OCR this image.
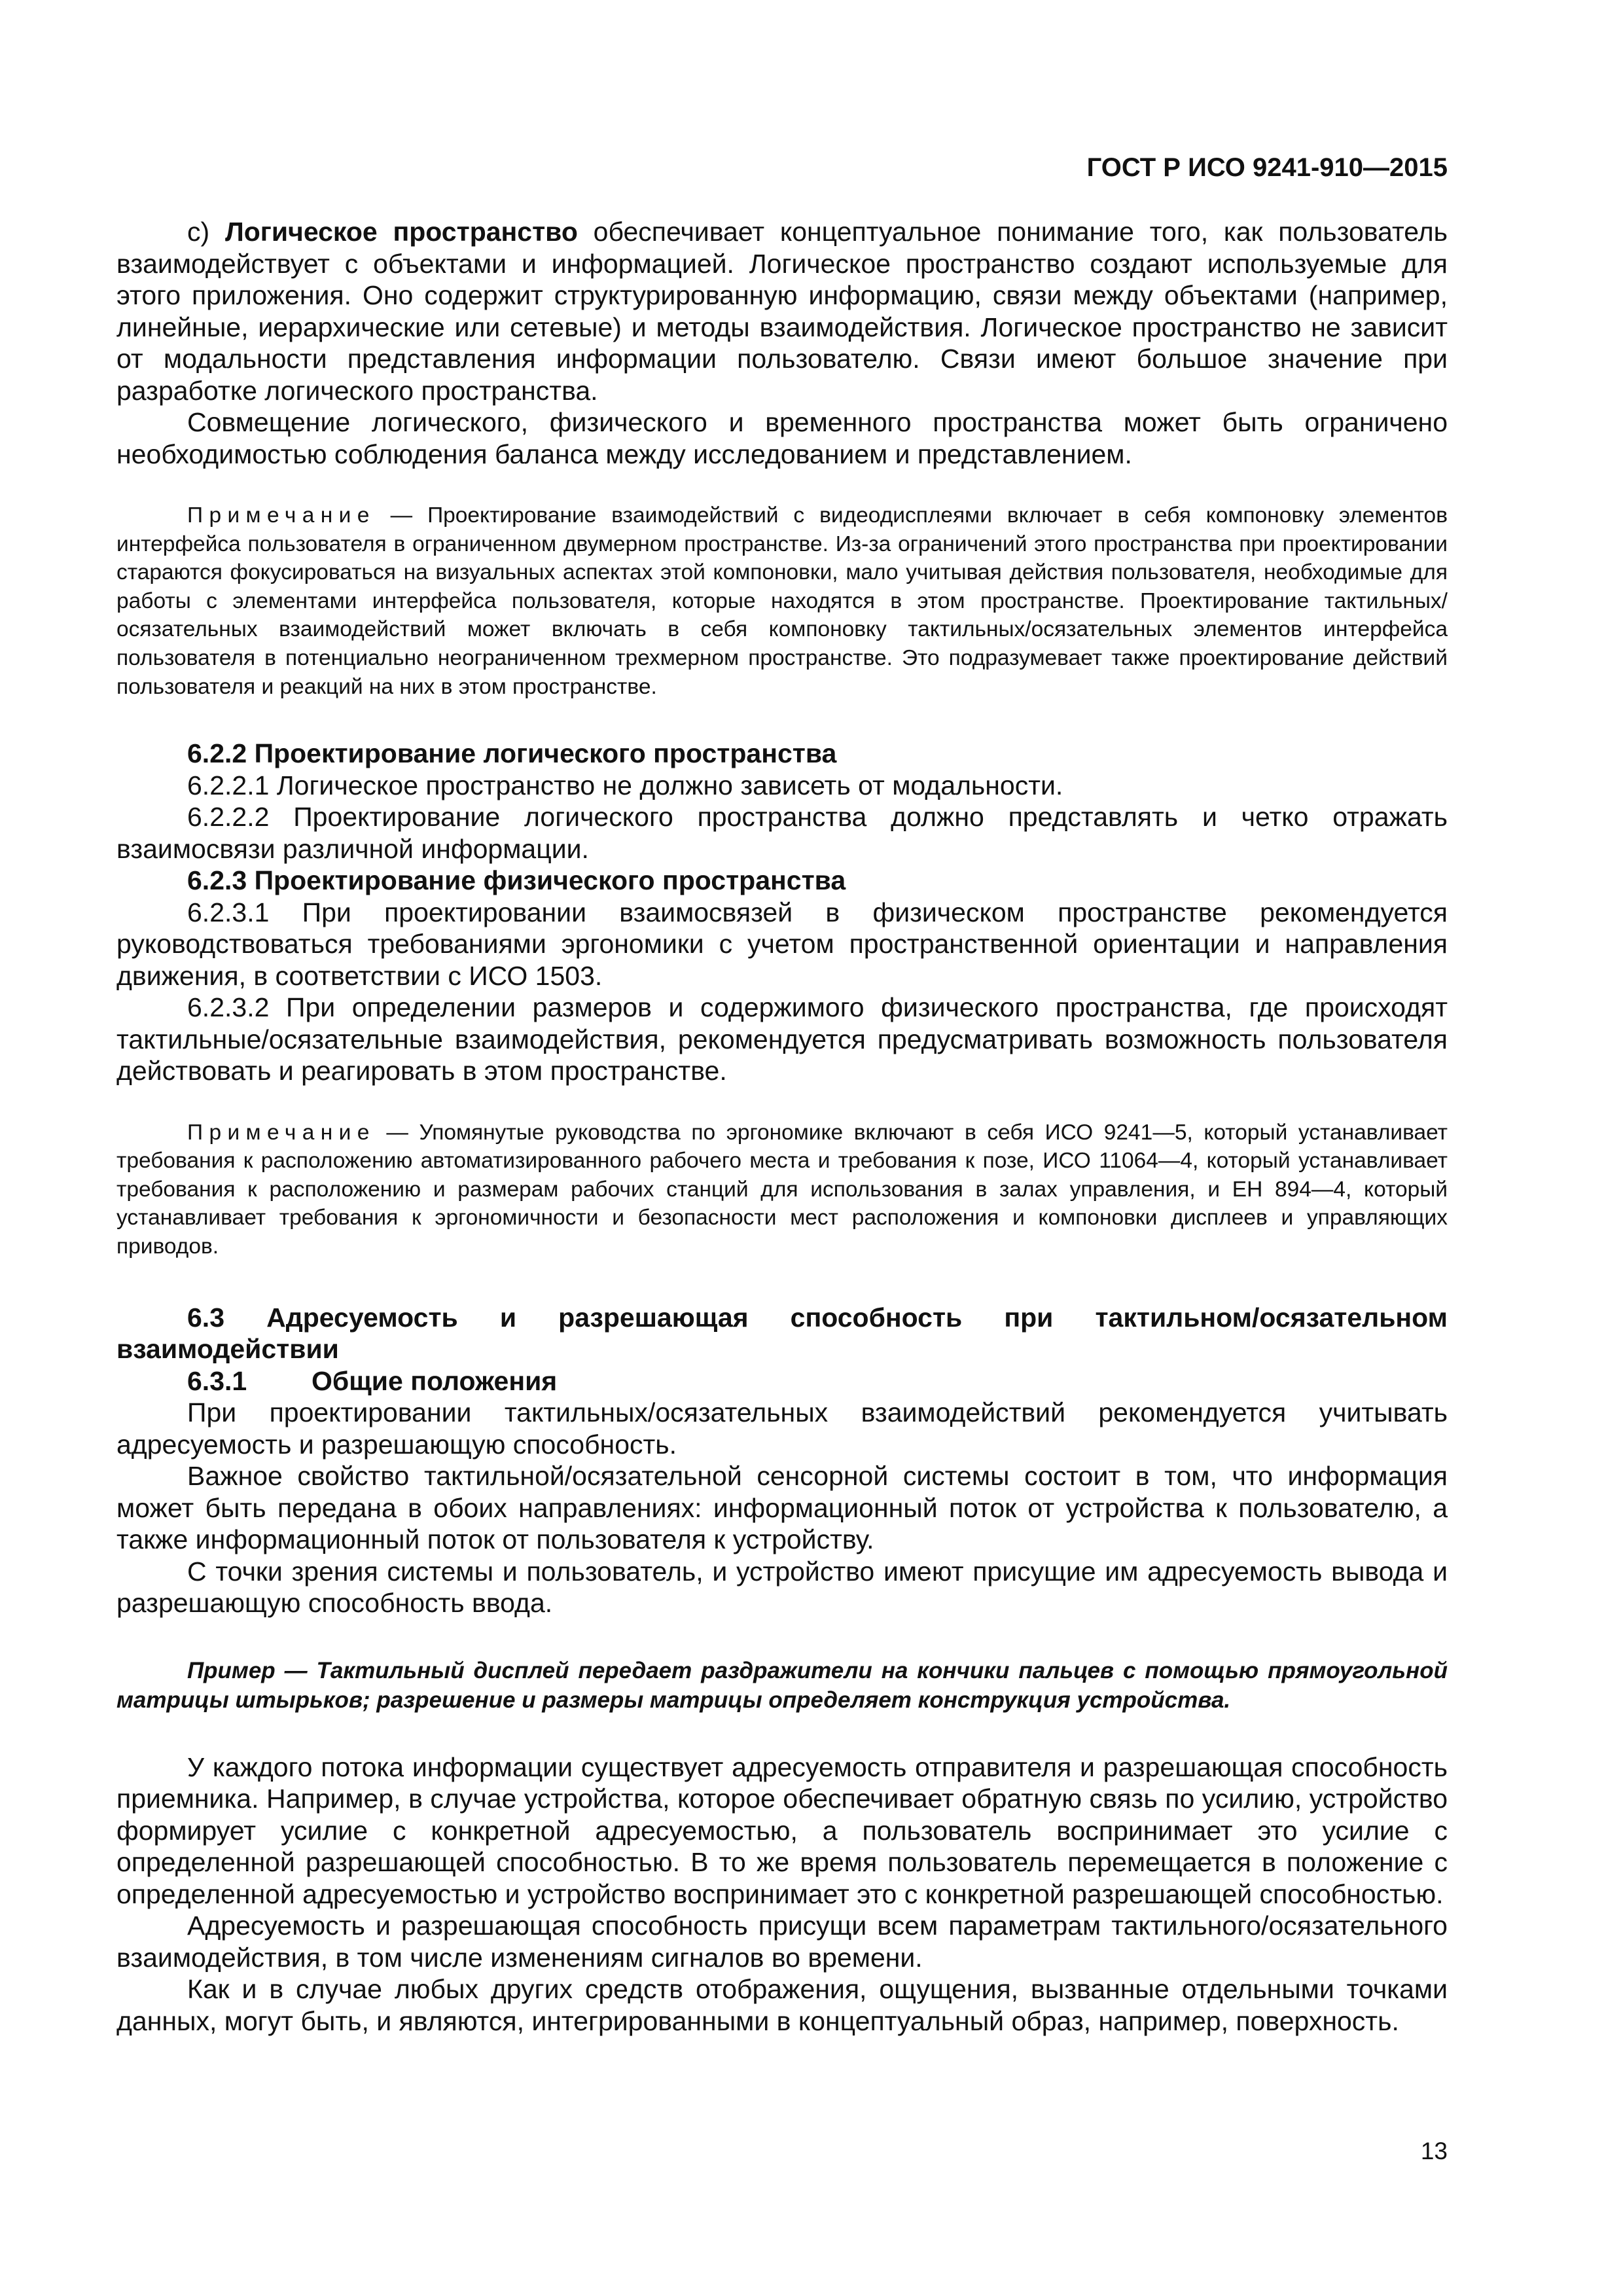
ГОСТ Р ИСО 9241-910—2015

c) Логическое пространство обеспечивает концептуальное понимание того, как пользователь взаимодействует с объектами и информацией. Логическое пространство создают используемые для этого приложения. Оно содержит структурированную информацию, связи между объектами (например, линейные, иерархические или сетевые) и методы взаимодействия. Логическое пространство не зависит от модальности представления информации пользователю. Связи имеют большое значение при разработке логического пространства.

Совмещение логического, физического и временного пространства может быть ограничено необходимостью соблюдения баланса между исследованием и представлением.

Примечание — Проектирование взаимодействий с видеодисплеями включает в себя компоновку элементов интерфейса пользователя в ограниченном двумерном пространстве. Из-за ограничений этого пространства при проектировании стараются фокусироваться на визуальных аспектах этой компоновки, мало учитывая действия пользователя, необходимые для работы с элементами интерфейса пользователя, которые находятся в этом пространстве. Проектирование тактильных/осязательных взаимодействий может включать в себя компоновку тактильных/осязательных элементов интерфейса пользователя в потенциально неограниченном трехмерном пространстве. Это подразумевает также проектирование действий пользователя и реакций на них в этом пространстве.

6.2.2 Проектирование логического пространства

6.2.2.1 Логическое пространство не должно зависеть от модальности.

6.2.2.2 Проектирование логического пространства должно представлять и четко отражать взаимосвязи различной информации.

6.2.3 Проектирование физического пространства

6.2.3.1 При проектировании взаимосвязей в физическом пространстве рекомендуется руководствоваться требованиями эргономики с учетом пространственной ориентации и направления движения, в соответствии с ИСО 1503.

6.2.3.2 При определении размеров и содержимого физического пространства, где происходят тактильные/осязательные взаимодействия, рекомендуется предусматривать возможность пользователя действовать и реагировать в этом пространстве.

Примечание — Упомянутые руководства по эргономике включают в себя ИСО 9241—5, который устанавливает требования к расположению автоматизированного рабочего места и требования к позе, ИСО 11064—4, который устанавливает требования к расположению и размерам рабочих станций для использования в залах управления, и ЕН 894—4, который устанавливает требования к эргономичности и безопасности мест расположения и компоновки дисплеев и управляющих приводов.

6.3 Адресуемость и разрешающая способность при тактильном/осязательном

взаимодействии

6.3.1 Общие положения

При проектировании тактильных/осязательных взаимодействий рекомендуется учитывать адресуемость и разрешающую способность.

Важное свойство тактильной/осязательной сенсорной системы состоит в том, что информация может быть передана в обоих направлениях: информационный поток от устройства к пользователю, а также информационный поток от пользователя к устройству.

С точки зрения системы и пользователь, и устройство имеют присущие им адресуемость вывода и разрешающую способность ввода.

Пример — Тактильный дисплей передает раздражители на кончики пальцев с помощью прямоугольной матрицы штырьков; разрешение и размеры матрицы определяет конструкция устройства.

У каждого потока информации существует адресуемость отправителя и разрешающая способность приемника. Например, в случае устройства, которое обеспечивает обратную связь по усилию, устройство формирует усилие с конкретной адресуемостью, а пользователь воспринимает это усилие с определенной разрешающей способностью. В то же время пользователь перемещается в положение с определенной адресуемостью и устройство воспринимает это с конкретной разрешающей способностью.

Адресуемость и разрешающая способность присущи всем параметрам тактильного/осязательного взаимодействия, в том числе изменениям сигналов во времени.

Как и в случае любых других средств отображения, ощущения, вызванные отдельными точками данных, могут быть, и являются, интегрированными в концептуальный образ, например, поверхность.

13
